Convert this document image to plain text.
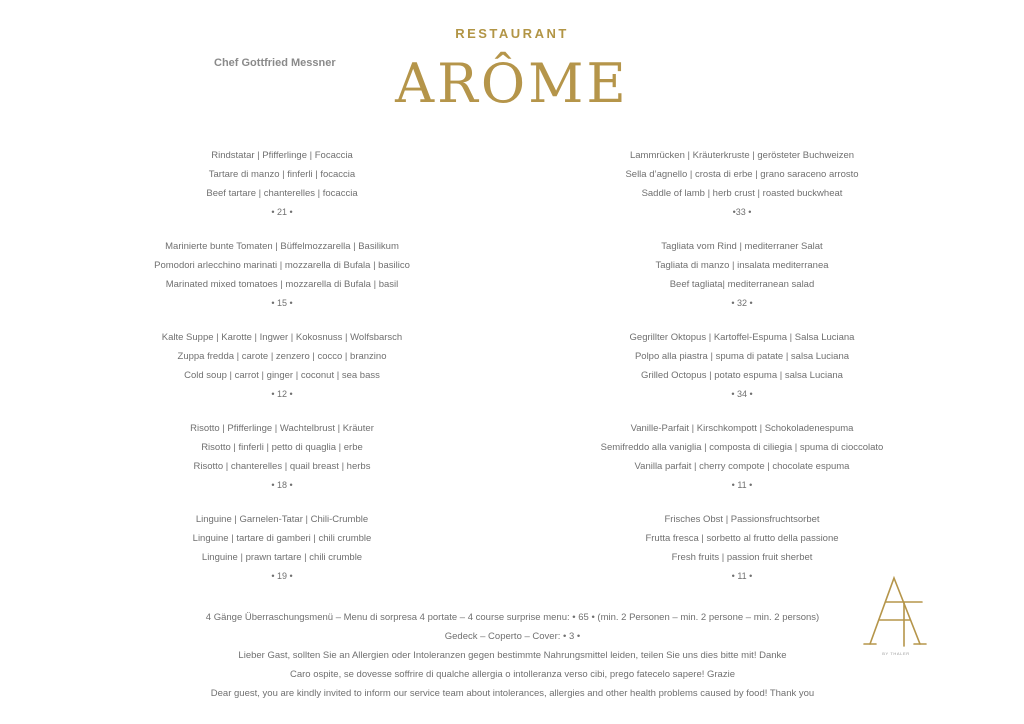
RESTAURANT
Chef Gottfried Messner	ARÔME
Rindstatar | Pfifferlinge | Focaccia
Tartare di manzo | finferli | focaccia
Beef tartare | chanterelles | focaccia
• 21 •
Marinierte bunte Tomaten | Büffelmozzarella | Basilikum
Pomodori arlecchino marinati | mozzarella di Bufala | basilico
Marinated mixed tomatoes | mozzarella di Bufala | basil
• 15 •
Kalte Suppe | Karotte | Ingwer | Kokosnuss | Wolfsbarsch
Zuppa fredda | carote | zenzero | cocco | branzino
Cold soup | carrot | ginger | coconut | sea bass
• 12 •
Risotto | Pfifferlinge | Wachtelbrust | Kräuter
Risotto | finferli | petto di quaglia | erbe
Risotto | chanterelles | quail breast | herbs
• 18 •
Linguine | Garnelen-Tatar | Chili-Crumble
Linguine | tartare di gamberi | chili crumble
Linguine | prawn tartare | chili crumble
• 19 •
Lammrücken | Kräuterkruste | gerösteter Buchweizen
Sella d’agnello | crosta di erbe | grano saraceno arrosto
Saddle of lamb | herb crust | roasted buckwheat
•33 •
Tagliata vom Rind | mediterraner Salat
Tagliata di manzo | insalata mediterranea
Beef tagliata| mediterranean salad
• 32 •
Gegrillter Oktopus | Kartoffel-Espuma | Salsa Luciana
Polpo alla piastra | spuma di patate | salsa Luciana
Grilled Octopus | potato espuma | salsa Luciana
• 34 •
Vanille-Parfait | Kirschkompott | Schokoladenespuma
Semifreddo alla vaniglia | composta di ciliegia | spuma di cioccolato
Vanilla parfait | cherry compote | chocolate espuma
• 11 •
Frisches Obst | Passionsfruchtsorbet
Frutta fresca | sorbetto al frutto della passione
Fresh fruits | passion fruit sherbet
• 11 •
4 Gänge Überraschungsmenü – Menu di sorpresa 4 portate – 4 course surprise menu: • 65 • (min. 2 Personen – min. 2 persone – min. 2 persons)
Gedeck – Coperto – Cover: • 3 •
Lieber Gast, sollten Sie an Allergien oder Intoleranzen gegen bestimmte Nahrungsmittel leiden, teilen Sie uns dies bitte mit! Danke
Caro ospite, se dovesse soffrire di qualche allergia o intolleranza verso cibi, prego fatecelo sapere! Grazie
Dear guest, you are kindly invited to inform our service team about intolerances, allergies and other health problems caused by food! Thank you
BY THALER
